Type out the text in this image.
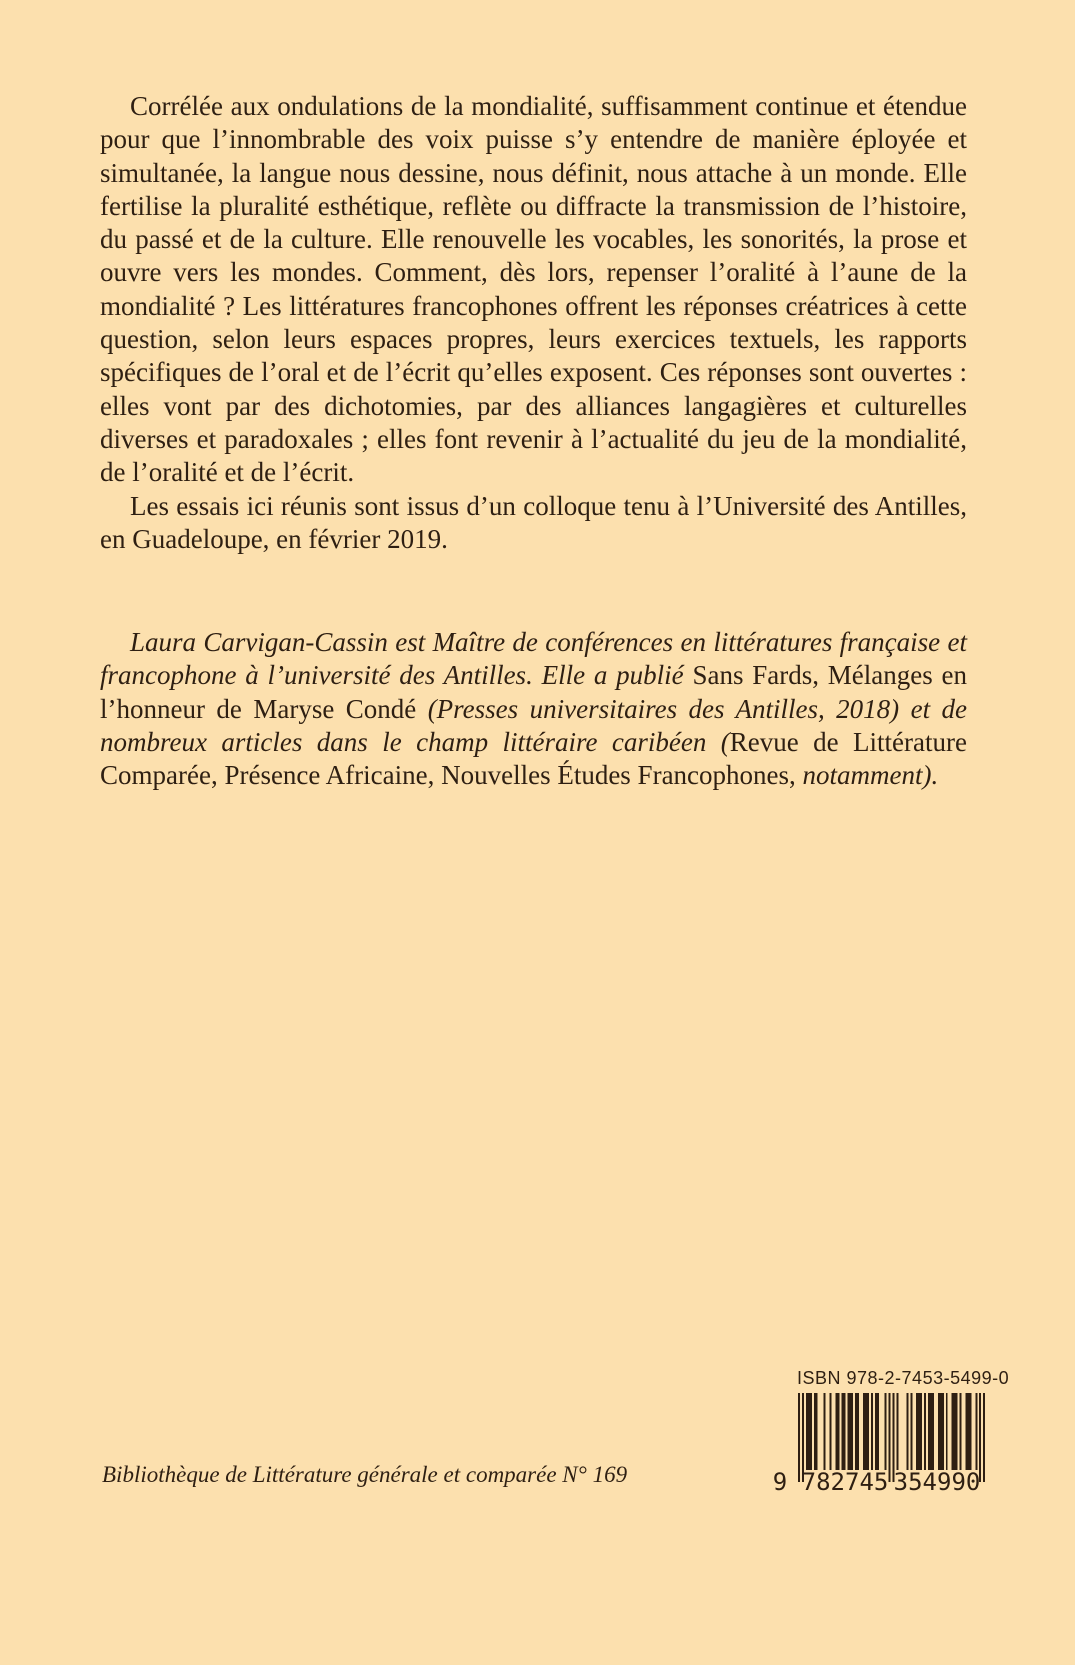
Corrélée aux ondulations de la mondialité, suffisamment continue et étendue pour que l’innombrable des voix puisse s’y entendre de manière éployée et simultanée, la langue nous dessine, nous définit, nous attache à un monde. Elle fertilise la pluralité esthétique, reflète ou diffracte la transmission de l’histoire, du passé et de la culture. Elle renouvelle les vocables, les sonorités, la prose et ouvre vers les mondes. Comment, dès lors, repenser l’oralité à l’aune de la mondialité ? Les littératures francophones offrent les réponses créatrices à cette question, selon leurs espaces propres, leurs exercices textuels, les rapports spécifiques de l’oral et de l’écrit qu’elles exposent. Ces réponses sont ouvertes : elles vont par des dichotomies, par des alliances langagières et culturelles diverses et paradoxales ; elles font revenir à l’actualité du jeu de la mondialité, de l’oralité et de l’écrit.

Les essais ici réunis sont issus d’un colloque tenu à l’Université des Antilles, en Guadeloupe, en février 2019.

Laura Carvigan-Cassin est Maître de conférences en littératures française et francophone à l’université des Antilles. Elle a publié Sans Fards, Mélanges en l’honneur de Maryse Condé (Presses universitaires des Antilles, 2018) et de nombreux articles dans le champ littéraire caribéen (Revue de Littérature Comparée, Présence Africaine, Nouvelles Études Francophones, notamment).

Bibliothèque de Littérature générale et comparée N° 169
ISBN 978-2-7453-5499-0
9 782745 354990
